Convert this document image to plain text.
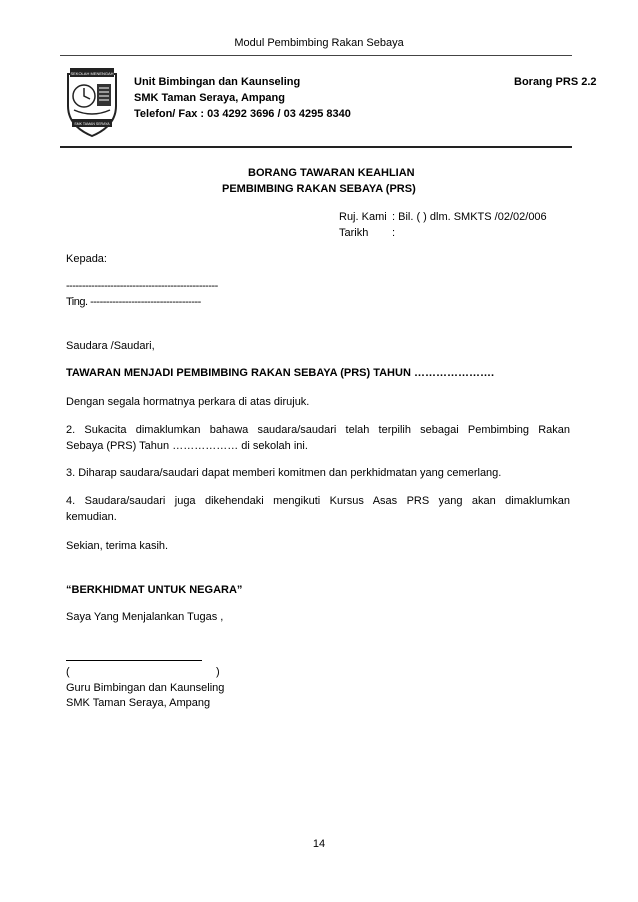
Modul Pembimbing Rakan Sebaya
SEKOLAH MENENGAH
SMK TAMAN SERAYA
Unit Bimbingan dan Kaunseling
SMK Taman Seraya, Ampang
Telefon/ Fax : 03 4292 3696 / 03 4295 8340
Borang PRS 2.2
BORANG TAWARAN KEAHLIAN
PEMBIMBING RAKAN SEBAYA (PRS)
Ruj. Kami : Bil. ( ) dlm. SMKTS /02/02/006
Tarikh :
Kepada:
------------------------------------------------
Ting. -----------------------------------
Saudara /Saudari,
TAWARAN MENJADI PEMBIMBING RAKAN SEBAYA (PRS) TAHUN ………………….
Dengan segala hormatnya perkara di atas dirujuk.
2. Sukacita dimaklumkan bahawa saudara/saudari telah terpilih sebagai Pembimbing Rakan
Sebaya (PRS) Tahun ……………… di sekolah ini.
3. Diharap saudara/saudari dapat memberi komitmen dan perkhidmatan yang cemerlang.
4. Saudara/saudari juga dikehendaki mengikuti Kursus Asas PRS yang akan dimaklumkan
kemudian.
Sekian, terima kasih.
“BERKHIDMAT UNTUK NEGARA”
Saya Yang Menjalankan Tugas ,
(	)
Guru Bimbingan dan Kaunseling
SMK Taman Seraya, Ampang
14
